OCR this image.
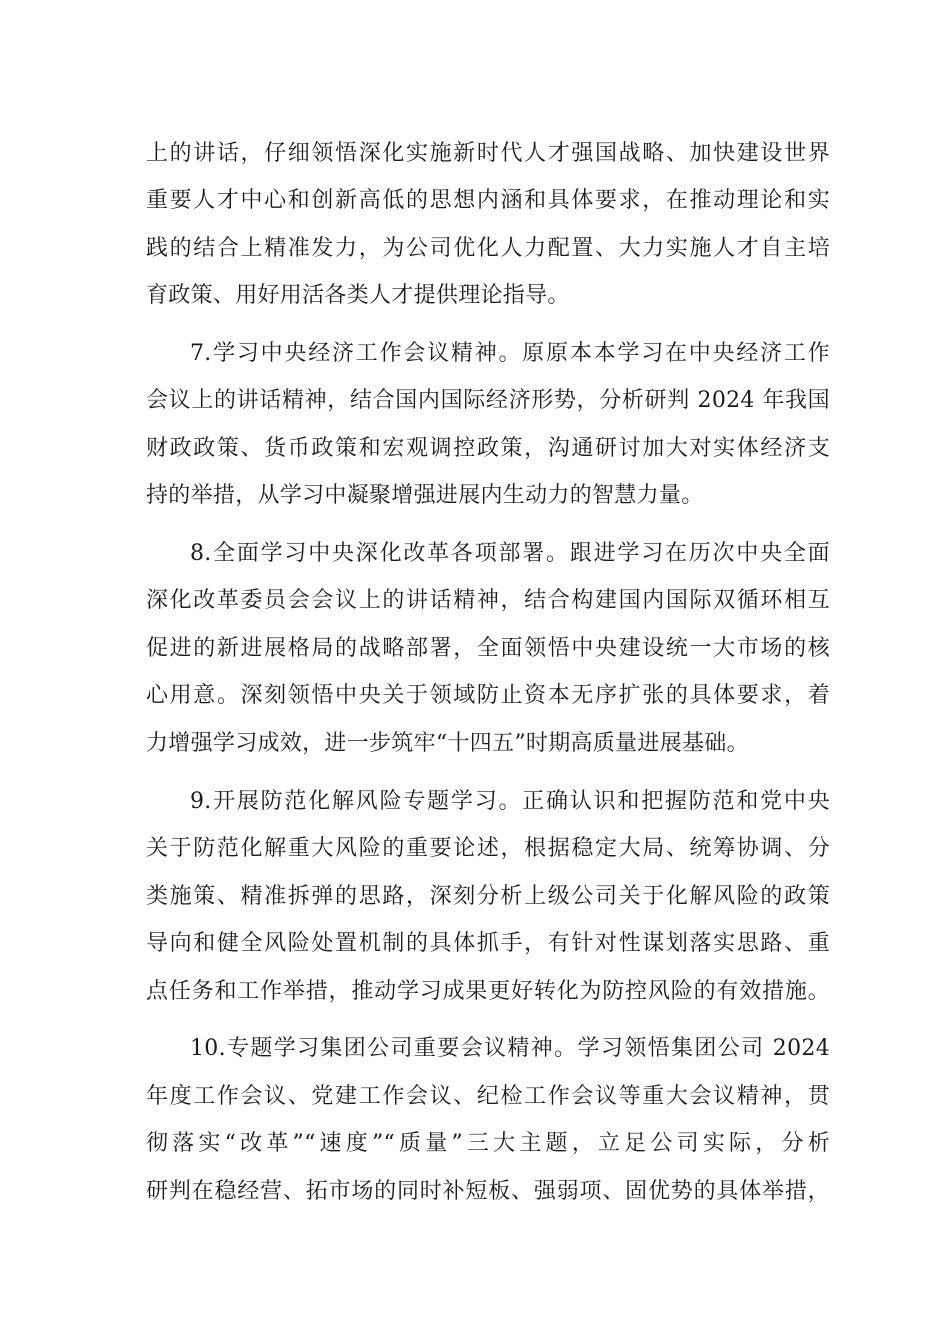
上的讲话，仔细领悟深化实施新时代人才强国战略、加快建设世界
重要人才中心和创新高低的思想内涵和具体要求，在推动理论和实
践的结合上精准发力，为公司优化人力配置、大力实施人才自主培
育政策、用好用活各类人才提供理论指导。
7.学习中央经济工作会议精神。原原本本学习在中央经济工作
会议上的讲话精神，结合国内国际经济形势，分析研判 2024 年我国
财政政策、货币政策和宏观调控政策，沟通研讨加大对实体经济支
持的举措，从学习中凝聚增强进展内生动力的智慧力量。
8.全面学习中央深化改革各项部署。跟进学习在历次中央全面
深化改革委员会会议上的讲话精神，结合构建国内国际双循环相互
促进的新进展格局的战略部署，全面领悟中央建设统一大市场的核
心用意。深刻领悟中央关于领域防止资本无序扩张的具体要求，着
力增强学习成效，进一步筑牢“十四五”时期高质量进展基础。
9.开展防范化解风险专题学习。正确认识和把握防范和党中央
关于防范化解重大风险的重要论述，根据稳定大局、统筹协调、分
类施策、精准拆弹的思路，深刻分析上级公司关于化解风险的政策
导向和健全风险处置机制的具体抓手，有针对性谋划落实思路、重
点任务和工作举措，推动学习成果更好转化为防控风险的有效措施。
10.专题学习集团公司重要会议精神。学习领悟集团公司 2024
年度工作会议、党建工作会议、纪检工作会议等重大会议精神，贯
彻落实“改革”“速度”“质量”三大主题，立足公司实际，分析
研判在稳经营、拓市场的同时补短板、强弱项、固优势的具体举措，
